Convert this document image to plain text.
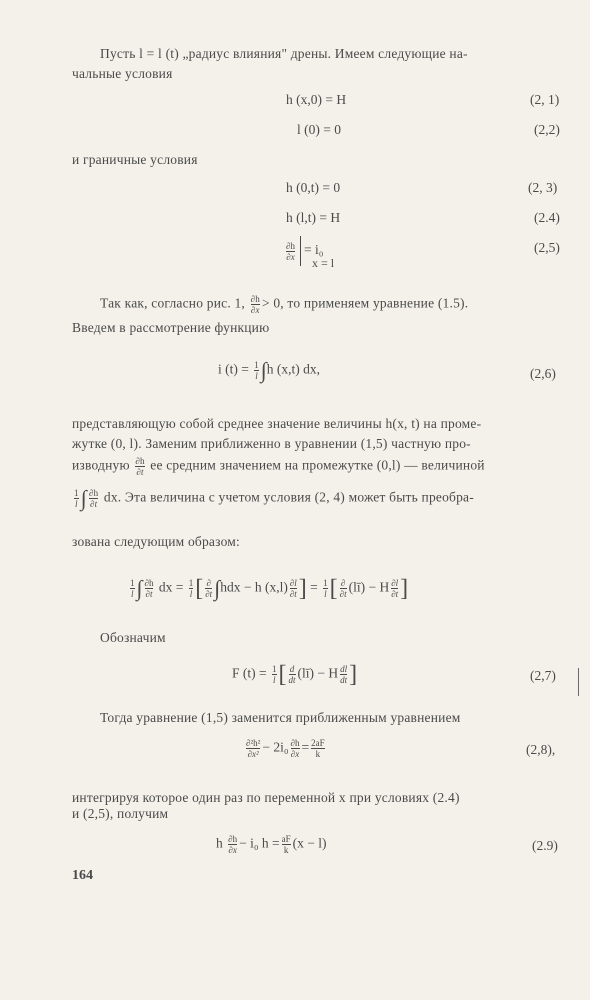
Пусть l = l (t) „радиус влияния" дрены. Имеем следующие на-
чальные условия
h (x,0) = H	(2, 1)
l (0) = 0	(2,2)
и граничные условия
h (0,t) = 0	(2, 3)
h (l,t) = H	(2.4)
$\frac{\partial h}{\partial x} = i_0$
x = l
(2,5)
Так как, согласно рис. 1, $\frac{\partial h}{\partial x} > 0$, то применяем уравнение (1.5).
Введем в рассмотрение функцию
i $(t) = \frac{1}{l} \int h$ (x,t) dx,	(2,6)
представляющую собой среднее значение величины h(x, t) на проме-
жутке (0, l). Заменим приближенно в уравнении (1,5) частную про-
изводную $\frac{\partial h}{\partial t}$ ее средним значением на промежутке (0,l) — величиной
$\frac{1}{l}$ ∫ $\frac{\partial h}{\partial t}$ dx. Эта величина с учетом условия (2, 4) может быть преобра-
зована следующим образом:
$\frac{1}{l}$ ∫ $\frac{\partial h}{\partial t}$ dx = $\frac{1}{l}$ [ $\frac{\partial}{\partial t} \int hdx - h$ $(x,l) \frac{\partial l}{\partial t}$ ] = $\frac{1}{l}$ [ $\frac{\partial}{\partial t}$ (lī) − H $\frac{\partial l}{\partial t}$ ]
Обозначим
F $(t) = \frac{1}{l}$ [ $\frac{d}{dt}$ (lī) − H $\frac{dl}{dt}$ ]	(2,7)
Тогда уравнение (1,5) заменится приближенным уравнением
$\frac{\text{∂²h²}}{\text{∂x²}} - 2i_0 \frac{\partial h}{\partial x} = \frac{2aF}{k}$	(2,8),
интегрируя которое один раз по переменной x при условиях (2.4)
и (2,5), получим
h $\frac{\partial h}{\partial x} - i_0$ $h = \frac{aF}{k} (x - l)$	(2.9)
164
